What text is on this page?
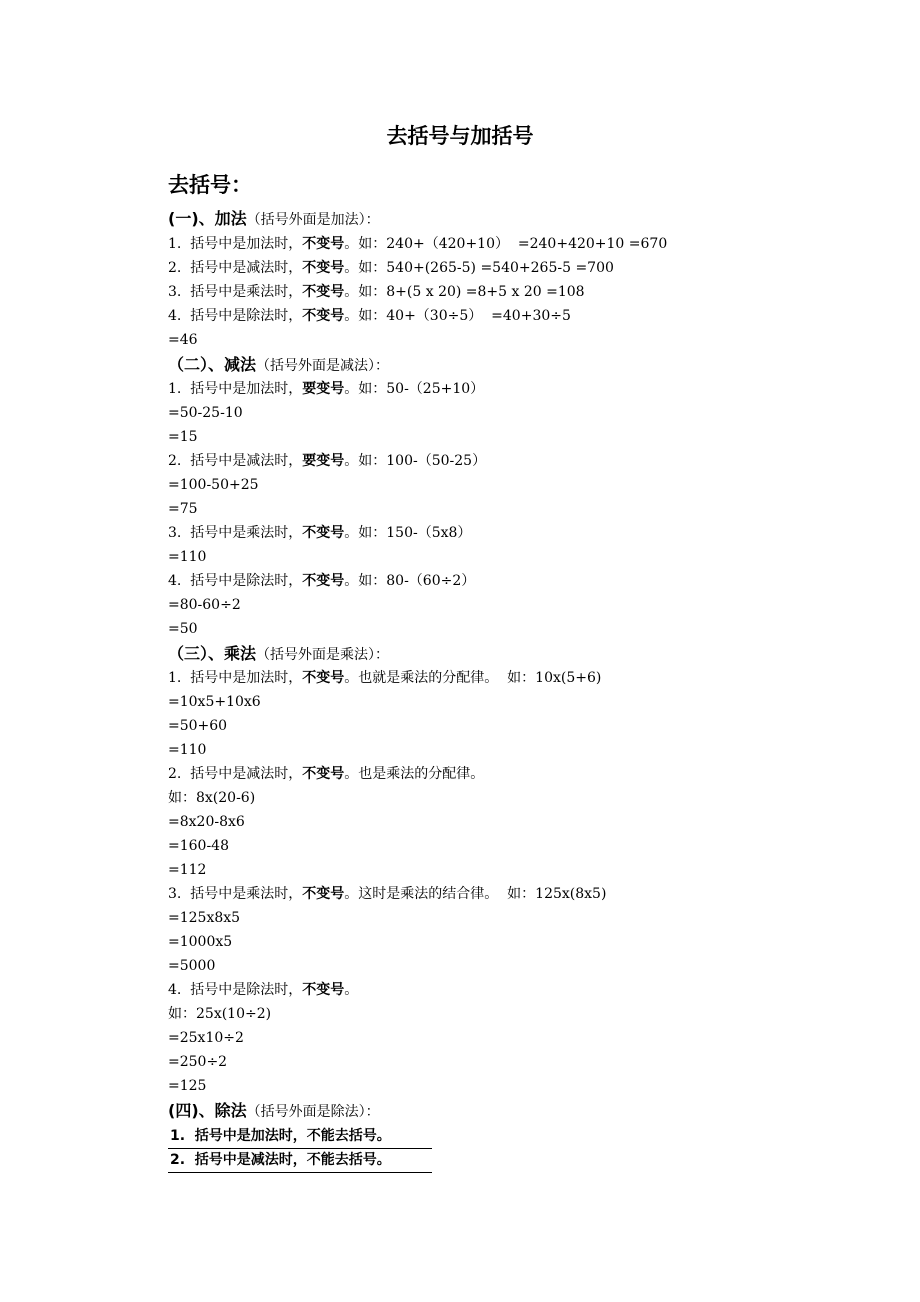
去括号与加括号
去括号：
(一)、加法（括号外面是加法）：
1.  括号中是加法时，不变号。如：240+（420+10）  =240+420+10 =670
2.  括号中是减法时，不变号。如：540+(265-5) =540+265-5 =700
3.  括号中是乘法时，不变号。如：8+(5 x 20) =8+5 x 20 =108
4.  括号中是除法时，不变号。如：40+（30÷5）  =40+30÷5
=46
（二）、减法（括号外面是减法）：
1.  括号中是加法时，要变号。如：50-（25+10）
=50-25-10
=15
2.  括号中是减法时，要变号。如：100-（50-25）
=100-50+25
=75
3.  括号中是乘法时，不变号。如：150-（5x8）
=110
4.  括号中是除法时，不变号。如：80-（60÷2）
=80-60÷2
=50
（三）、乘法（括号外面是乘法）：
1.  括号中是加法时，不变号。也就是乘法的分配律。  如：10x(5+6)
=10x5+10x6
=50+60
=110
2.  括号中是减法时，不变号。也是乘法的分配律。
如：8x(20-6)
=8x20-8x6
=160-48
=112
3.  括号中是乘法时，不变号。这时是乘法的结合律。  如：125x(8x5)
=125x8x5
=1000x5
=5000
4.  括号中是除法时，不变号。
如：25x(10÷2)
=25x10÷2
=250÷2
=125
(四)、除法（括号外面是除法）：
1.  括号中是加法时，不能去括号。
2.  括号中是减法时，不能去括号。
